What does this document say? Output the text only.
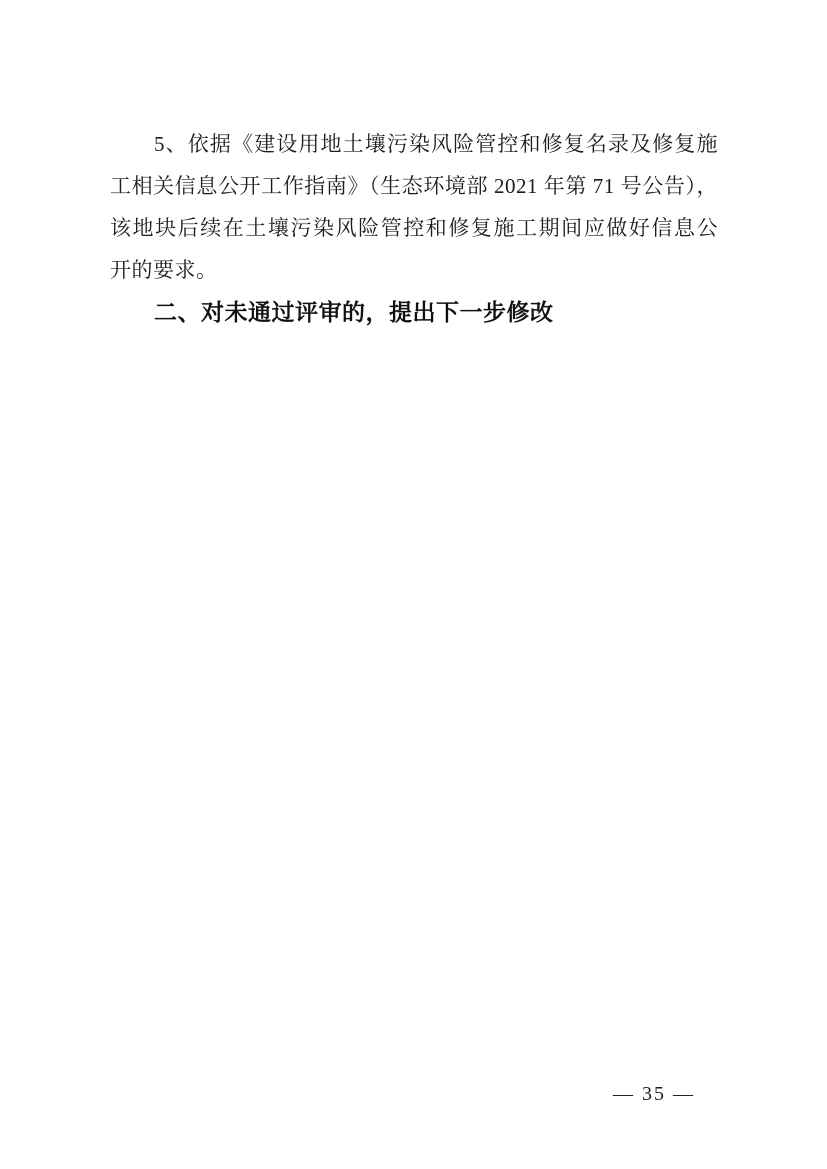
5、依据《建设用地土壤污染风险管控和修复名录及修复施
工相关信息公开工作指南》（生态环境部 2021 年第 71 号公告），
该地块后续在土壤污染风险管控和修复施工期间应做好信息公
开的要求。
二、对未通过评审的，提出下一步修改
— 35 —
